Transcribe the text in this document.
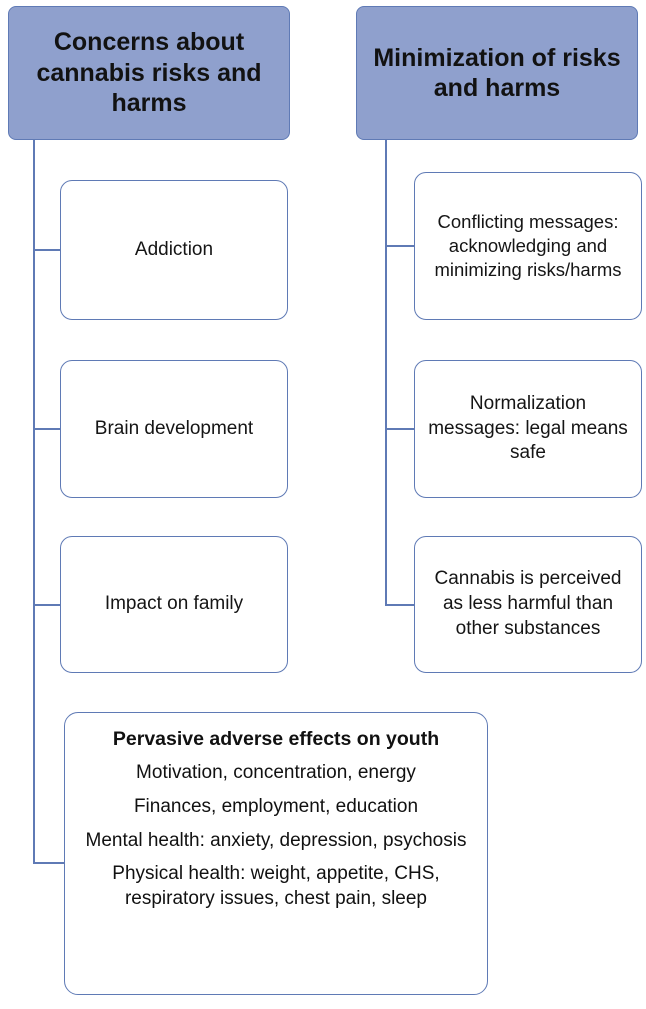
Concerns about cannabis risks and harms
Minimization of risks and harms
Addiction
Brain development
Impact on family
Conflicting messages: acknowledging and minimizing risks/harms
Normalization messages: legal means safe
Cannabis is perceived as less harmful than other substances
Pervasive adverse effects on youth
Motivation, concentration, energy
Finances, employment, education
Mental health: anxiety, depression, psychosis
Physical health: weight, appetite, CHS, respiratory issues, chest pain, sleep
